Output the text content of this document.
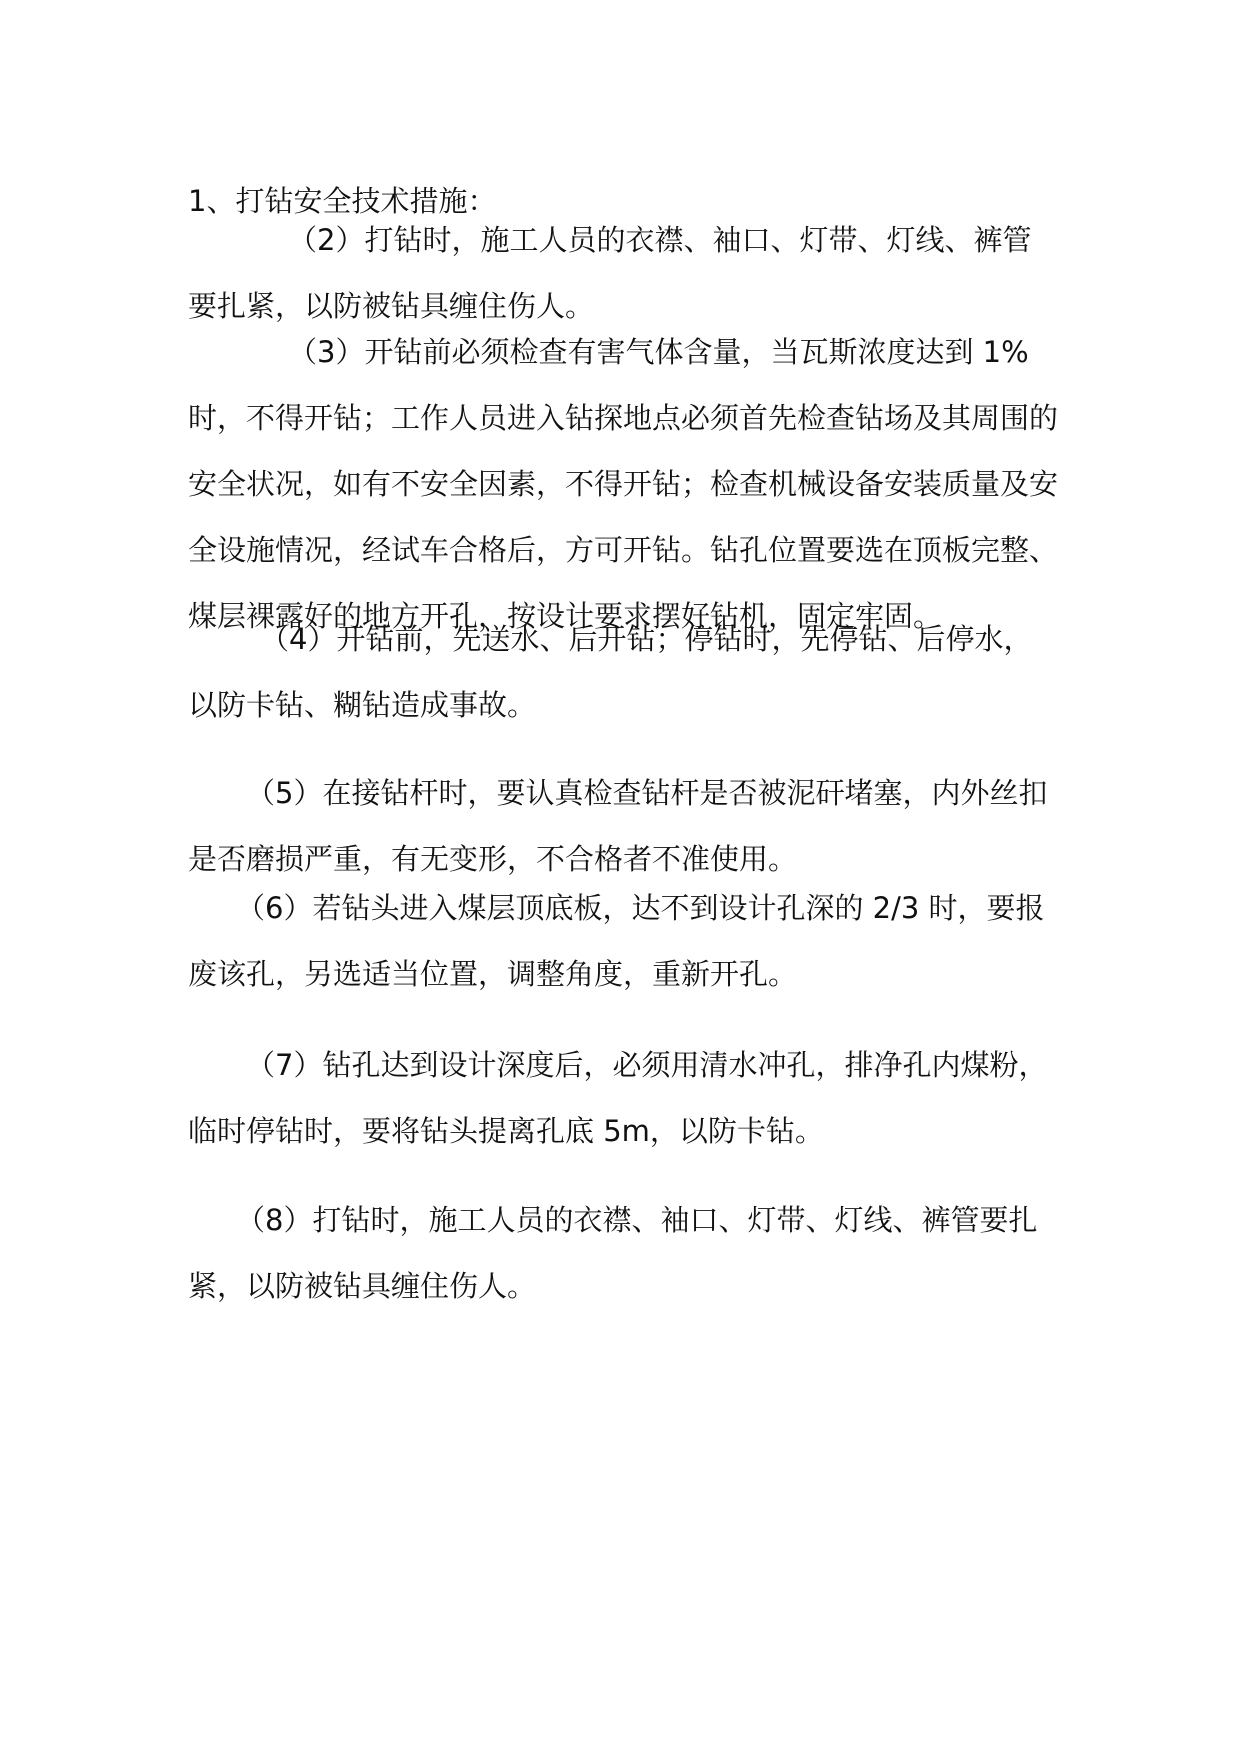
1、打钻安全技术措施：

（2）打钻时，施工人员的衣襟、袖口、灯带、灯线、裤管要扎紧，以防被钻具缠住伤人。

（3）开钻前必须检查有害气体含量，当瓦斯浓度达到 1%时，不得开钻；工作人员进入钻探地点必须首先检查钻场及其周围的安全状况，如有不安全因素，不得开钻；检查机械设备安装质量及安全设施情况，经试车合格后，方可开钻。钻孔位置要选在顶板完整、煤层裸露好的地方开孔，按设计要求摆好钻机，固定牢固。

（4）开钻前，先送水、后开钻；停钻时，先停钻、后停水，以防卡钻、糊钻造成事故。

（5）在接钻杆时，要认真检查钻杆是否被泥矸堵塞，内外丝扣是否磨损严重，有无变形，不合格者不准使用。

（6）若钻头进入煤层顶底板，达不到设计孔深的 2/3 时，要报废该孔，另选适当位置，调整角度，重新开孔。

（7）钻孔达到设计深度后，必须用清水冲孔，排净孔内煤粉，临时停钻时，要将钻头提离孔底 5m，以防卡钻。

（8）打钻时，施工人员的衣襟、袖口、灯带、灯线、裤管要扎紧，以防被钻具缠住伤人。
